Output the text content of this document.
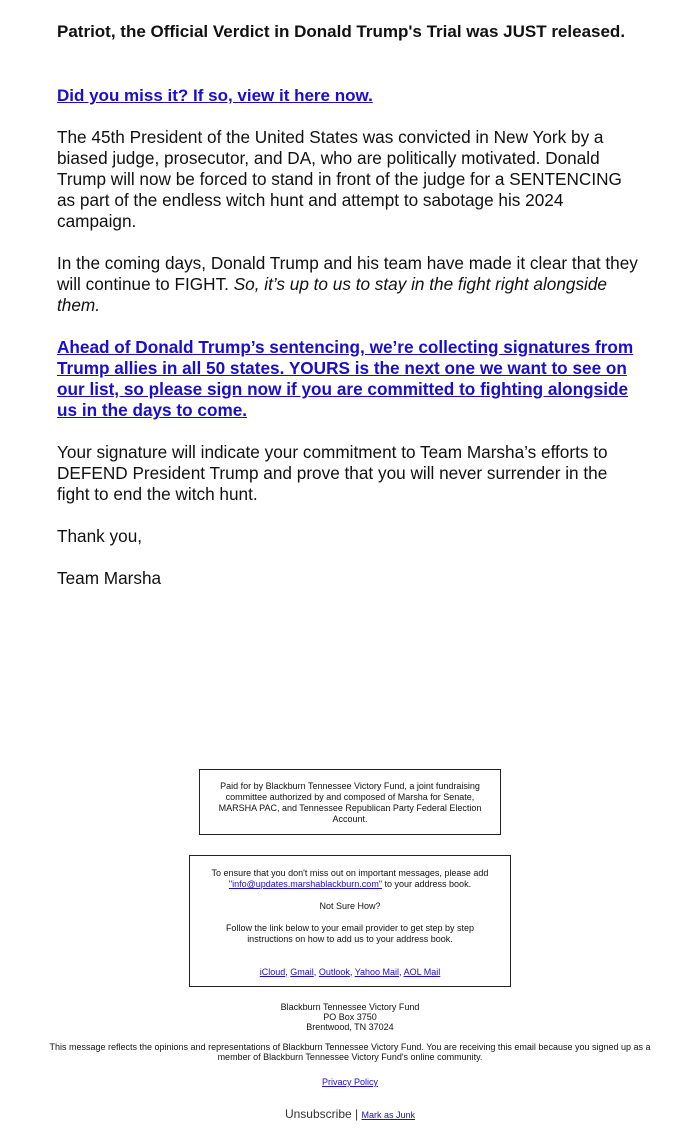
Patriot, the Official Verdict in Donald Trump's Trial was JUST released.

Did you miss it? If so, view it here now.

The 45th President of the United States was convicted in New York by a biased judge, prosecutor, and DA, who are politically motivated. Donald Trump will now be forced to stand in front of the judge for a SENTENCING as part of the endless witch hunt and attempt to sabotage his 2024 campaign.

In the coming days, Donald Trump and his team have made it clear that they will continue to FIGHT. So, it’s up to us to stay in the fight right alongside them.

Ahead of Donald Trump’s sentencing, we’re collecting signatures from Trump allies in all 50 states. YOURS is the next one we want to see on our list, so please sign now if you are committed to fighting alongside us in the days to come.

Your signature will indicate your commitment to Team Marsha’s efforts to DEFEND President Trump and prove that you will never surrender in the fight to end the witch hunt.

Thank you,

Team Marsha

Paid for by Blackburn Tennessee Victory Fund, a joint fundraising committee authorized by and composed of Marsha for Senate, MARSHA PAC, and Tennessee Republican Party Federal Election Account.

To ensure that you don't miss out on important messages, please add "info@updates.marshablackburn.com" to your address book.

Not Sure How?

Follow the link below to your email provider to get step by step instructions on how to add us to your address book.

iCloud, Gmail, Outlook, Yahoo Mail, AOL Mail

Blackburn Tennessee Victory Fund
PO Box 3750
Brentwood, TN 37024
This message reflects the opinions and representations of Blackburn Tennessee Victory Fund. You are receiving this email because you signed up as a member of Blackburn Tennessee Victory Fund's online community.
Privacy Policy
Unsubscribe | Mark as Junk
